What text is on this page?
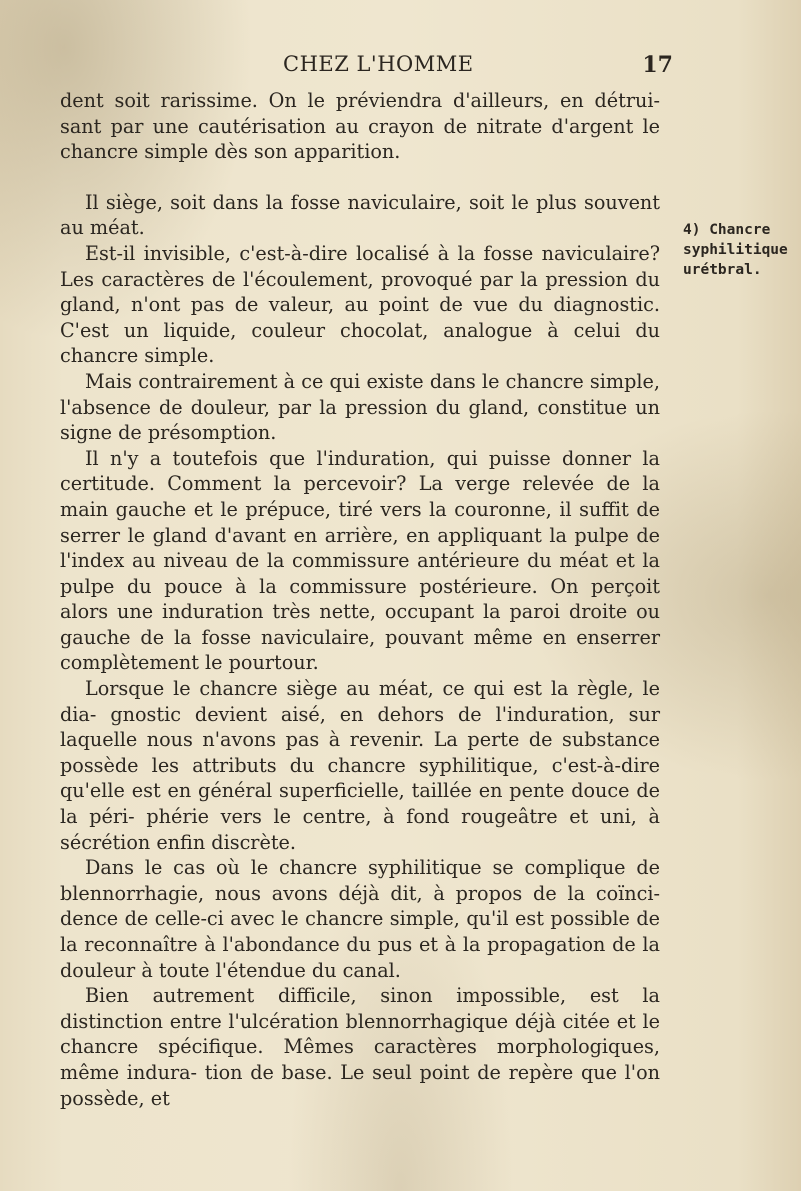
CHEZ L'HOMME	17

dent soit rarissime. On le préviendra d'ailleurs, en détrui- sant par une cautérisation au crayon de nitrate d'argent le chancre simple dès son apparition.

Il siège, soit dans la fosse naviculaire, soit le plus souvent au méat.

Est-il invisible, c'est-à-dire localisé à la fosse naviculaire? Les caractères de l'écoulement, provoqué par la pression du gland, n'ont pas de valeur, au point de vue du diagnostic. C'est un liquide, couleur chocolat, analogue à celui du chancre simple.

Mais contrairement à ce qui existe dans le chancre simple, l'absence de douleur, par la pression du gland, constitue un signe de présomption.

Il n'y a toutefois que l'induration, qui puisse donner la certitude. Comment la percevoir? La verge relevée de la main gauche et le prépuce, tiré vers la couronne, il suffit de serrer le gland d'avant en arrière, en appliquant la pulpe de l'index au niveau de la commissure antérieure du méat et la pulpe du pouce à la commissure postérieure. On perçoit alors une induration très nette, occupant la paroi droite ou gauche de la fosse naviculaire, pouvant même en enserrer complètement le pourtour.

Lorsque le chancre siège au méat, ce qui est la règle, le dia- gnostic devient aisé, en dehors de l'induration, sur laquelle nous n'avons pas à revenir. La perte de substance possède les attributs du chancre syphilitique, c'est-à-dire qu'elle est en général superficielle, taillée en pente douce de la péri- phérie vers le centre, à fond rougeâtre et uni, à sécrétion enfin discrète.

Dans le cas où le chancre syphilitique se complique de blennorrhagie, nous avons déjà dit, à propos de la coïnci- dence de celle-ci avec le chancre simple, qu'il est possible de la reconnaître à l'abondance du pus et à la propagation de la douleur à toute l'étendue du canal.

Bien autrement difficile, sinon impossible, est la distinction entre l'ulcération blennorrhagique déjà citée et le chancre spécifique. Mêmes caractères morphologiques, même indura- tion de base. Le seul point de repère que l'on possède, et

4) Chancre
syphilitique
urétbral.
